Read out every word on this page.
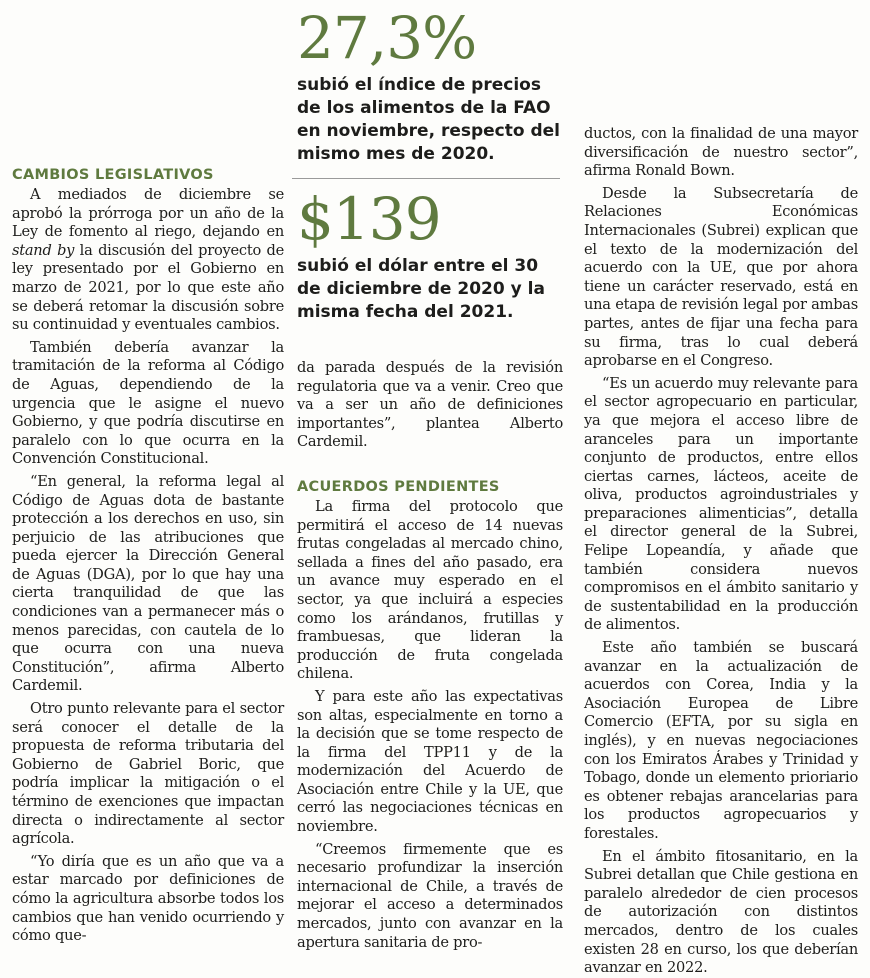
27,3%
subió el índice de precios de los alimentos de la FAO en noviembre, respecto del mismo mes de 2020.
$139
subió el dólar entre el 30 de diciembre de 2020 y la misma fecha del 2021.
CAMBIOS LEGISLATIVOS

A mediados de diciembre se aprobó la prórroga por un año de la Ley de fomento al riego, dejando en stand by la discusión del proyecto de ley presentado por el Gobierno en marzo de 2021, por lo que este año se deberá retomar la discusión sobre su continuidad y eventuales cambios.

También debería avanzar la tramitación de la reforma al Código de Aguas, dependiendo de la urgencia que le asigne el nuevo Gobierno, y que podría discutirse en paralelo con lo que ocurra en la Convención Constitucional.

“En general, la reforma legal al Código de Aguas dota de bastante protección a los derechos en uso, sin perjuicio de las atribuciones que pueda ejercer la Dirección General de Aguas (DGA), por lo que hay una cierta tranquilidad de que las condiciones van a permanecer más o menos parecidas, con cautela de lo que ocurra con una nueva Constitución”, afirma Alberto Cardemil.

Otro punto relevante para el sector será conocer el detalle de la propuesta de reforma tributaria del Gobierno de Gabriel Boric, que podría implicar la mitigación o el término de exenciones que impactan directa o indirectamente al sector agrícola.

“Yo diría que es un año que va a estar marcado por definiciones de cómo la agricultura absorbe todos los cambios que han venido ocurriendo y cómo que-

da parada después de la revisión regulatoria que va a venir. Creo que va a ser un año de definiciones importantes”, plantea Alberto Cardemil.

ACUERDOS PENDIENTES

La firma del protocolo que permitirá el acceso de 14 nuevas frutas congeladas al mercado chino, sellada a fines del año pasado, era un avance muy esperado en el sector, ya que incluirá a especies como los arándanos, frutillas y frambuesas, que lideran la producción de fruta congelada chilena.

Y para este año las expectativas son altas, especialmente en torno a la decisión que se tome respecto de la firma del TPP11 y de la modernización del Acuerdo de Asociación entre Chile y la UE, que cerró las negociaciones técnicas en noviembre.

“Creemos firmemente que es necesario profundizar la inserción internacional de Chile, a través de mejorar el acceso a determinados mercados, junto con avanzar en la apertura sanitaria de pro-

ductos, con la finalidad de una mayor diversificación de nuestro sector”, afirma Ronald Bown.

Desde la Subsecretaría de Relaciones Económicas Internacionales (Subrei) explican que el texto de la modernización del acuerdo con la UE, que por ahora tiene un carácter reservado, está en una etapa de revisión legal por ambas partes, antes de fijar una fecha para su firma, tras lo cual deberá aprobarse en el Congreso.

“Es un acuerdo muy relevante para el sector agropecuario en particular, ya que mejora el acceso libre de aranceles para un importante conjunto de productos, entre ellos ciertas carnes, lácteos, aceite de oliva, productos agroindustriales y preparaciones alimenticias”, detalla el director general de la Subrei, Felipe Lopeandía, y añade que también considera nuevos compromisos en el ámbito sanitario y de sustentabilidad en la producción de alimentos.

Este año también se buscará avanzar en la actualización de acuerdos con Corea, India y la Asociación Europea de Libre Comercio (EFTA, por su sigla en inglés), y en nuevas negociaciones con los Emiratos Árabes y Trinidad y Tobago, donde un elemento prioriario es obtener rebajas arancelarias para los productos agropecuarios y forestales.

En el ámbito fitosanitario, en la Subrei detallan que Chile gestiona en paralelo alrededor de cien procesos de autorización con distintos mercados, dentro de los cuales existen 28 en curso, los que deberían avanzar en 2022.
